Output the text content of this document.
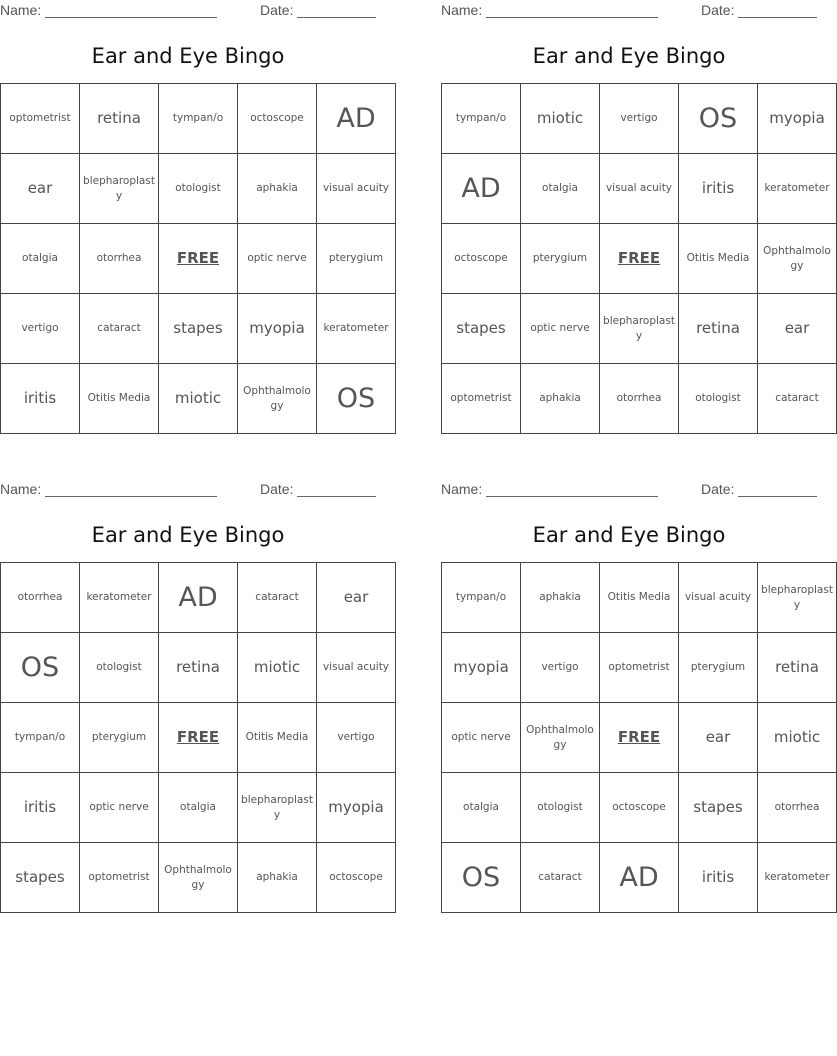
Name:	Date:
Ear and Eye Bingo
optometrist	retina	tympan/o	octoscope	AD
ear	blepharoplasty	otologist	aphakia	visual acuity
otalgia	otorrhea	FREE	optic nerve	pterygium
vertigo	cataract	stapes	myopia	keratometer
iritis	Otitis Media	miotic	Ophthalmology	OS
Name:	Date:
Ear and Eye Bingo
tympan/o	miotic	vertigo	OS	myopia
AD	otalgia	visual acuity	iritis	keratometer
octoscope	pterygium	FREE	Otitis Media	Ophthalmology
stapes	optic nerve	blepharoplasty	retina	ear
optometrist	aphakia	otorrhea	otologist	cataract
Name:	Date:
Ear and Eye Bingo
otorrhea	keratometer	AD	cataract	ear
OS	otologist	retina	miotic	visual acuity
tympan/o	pterygium	FREE	Otitis Media	vertigo
iritis	optic nerve	otalgia	blepharoplasty	myopia
stapes	optometrist	Ophthalmology	aphakia	octoscope
Name:	Date:
Ear and Eye Bingo
tympan/o	aphakia	Otitis Media	visual acuity	blepharoplasty
myopia	vertigo	optometrist	pterygium	retina
optic nerve	Ophthalmology	FREE	ear	miotic
otalgia	otologist	octoscope	stapes	otorrhea
OS	cataract	AD	iritis	keratometer
